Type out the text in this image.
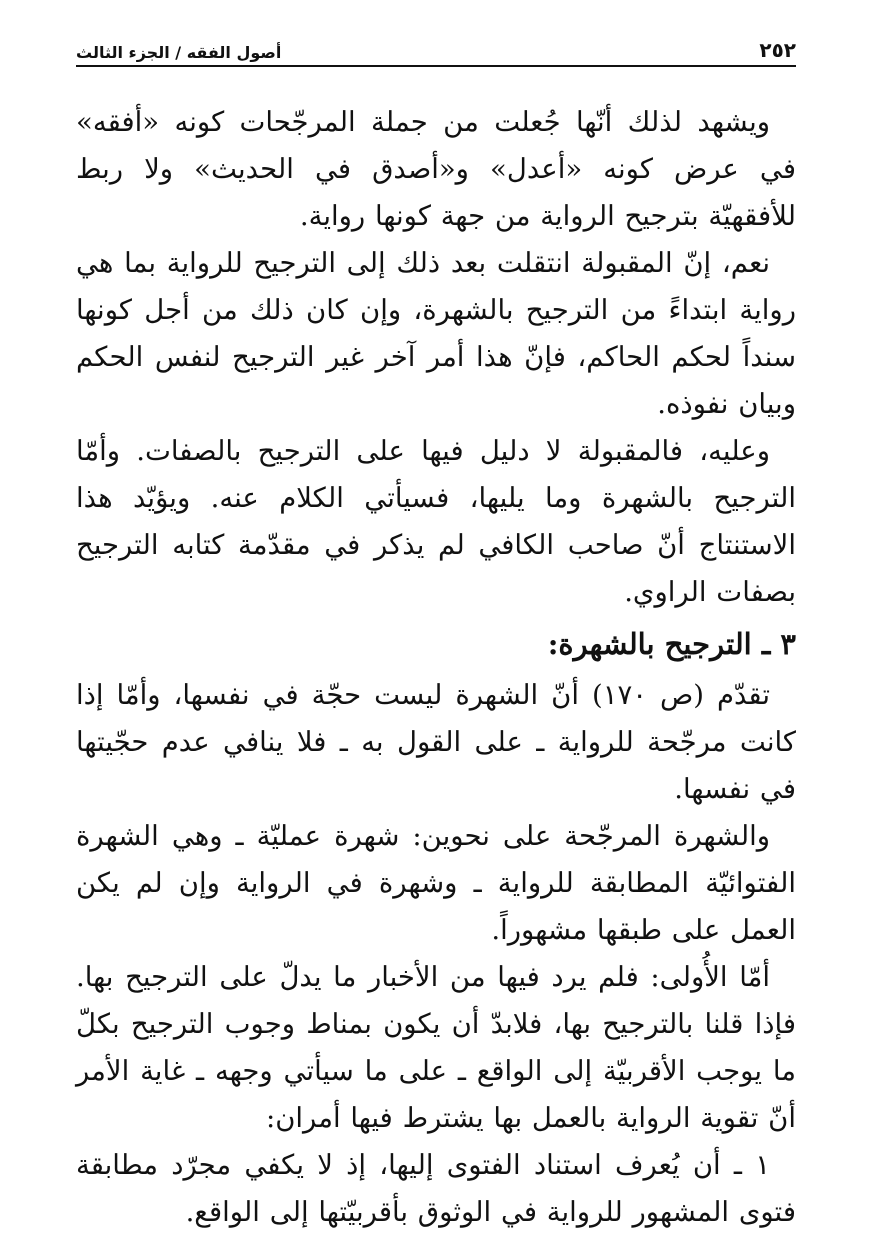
٢٥٢
أصول الفقه / الجزء الثالث

ويشهد لذلك أنّها جُعلت من جملة المرجّحات كونه «أفقه» في عرض كونه «أعدل» و«أصدق في الحديث» ولا ربط للأفقهيّة بترجيح الرواية من جهة كونها رواية.

نعم، إنّ المقبولة انتقلت بعد ذلك إلى الترجيح للرواية بما هي رواية ابتداءً من الترجيح بالشهرة، وإن كان ذلك من أجل كونها سنداً لحكم الحاكم، فإنّ هذا أمر آخر غير الترجيح لنفس الحكم وبيان نفوذه.

وعليه، فالمقبولة لا دليل فيها على الترجيح بالصفات. وأمّا الترجيح بالشهرة وما يليها، فسيأتي الكلام عنه. ويؤيّد هذا الاستنتاج أنّ صاحب الكافي لم يذكر في مقدّمة كتابه الترجيح بصفات الراوي.

٣ ـ الترجيح بالشهرة:

تقدّم (ص ١٧٠) أنّ الشهرة ليست حجّة في نفسها، وأمّا إذا كانت مرجّحة للرواية ـ على القول به ـ فلا ينافي عدم حجّيتها في نفسها.

والشهرة المرجّحة على نحوين: شهرة عمليّة ـ وهي الشهرة الفتوائيّة المطابقة للرواية ـ وشهرة في الرواية وإن لم يكن العمل على طبقها مشهوراً.

أمّا الأُولى: فلم يرد فيها من الأخبار ما يدلّ على الترجيح بها. فإذا قلنا بالترجيح بها، فلابدّ أن يكون بمناط وجوب الترجيح بكلّ ما يوجب الأقربيّة إلى الواقع ـ على ما سيأتي وجهه ـ غاية الأمر أنّ تقوية الرواية بالعمل بها يشترط فيها أمران:

١ ـ أن يُعرف استناد الفتوى إليها، إذ لا يكفي مجرّد مطابقة فتوى المشهور للرواية في الوثوق بأقربيّتها إلى الواقع.
